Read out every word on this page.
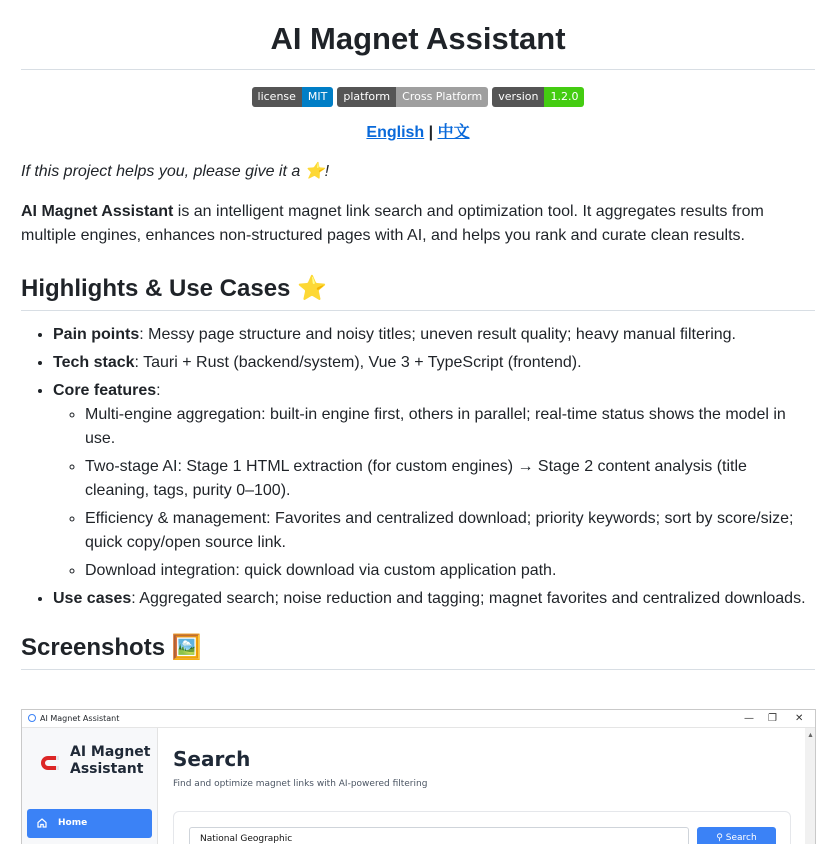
AI Magnet Assistant
license	MIT	platform	Cross Platform	version	1.2.0
English | 中文
If this project helps you, please give it a ⭐!
AI Magnet Assistant is an intelligent magnet link search and optimization tool. It aggregates results from multiple engines, enhances non-structured pages with AI, and helps you rank and curate clean results.
Highlights & Use Cases ⭐
• Pain points: Messy page structure and noisy titles; uneven result quality; heavy manual filtering.
• Tech stack: Tauri + Rust (backend/system), Vue 3 + TypeScript (frontend).
• Core features:
◦ Multi-engine aggregation: built-in engine first, others in parallel; real-time status shows the model in use.
◦ Two-stage AI: Stage 1 HTML extraction (for custom engines) → Stage 2 content analysis (title cleaning, tags, purity 0–100).
◦ Efficiency & management: Favorites and centralized download; priority keywords; sort by score/size; quick copy/open source link.
◦ Download integration: quick download via custom application path.
• Use cases: Aggregated search; noise reduction and tagging; magnet favorites and centralized downloads.
Screenshots 🖼️
AI Magnet Assistant	— ❐ ✕
AI Magnet
Assistant
Home
Search
Find and optimize magnet links with AI-powered filtering
National Geographic	⚲ Search
▲
